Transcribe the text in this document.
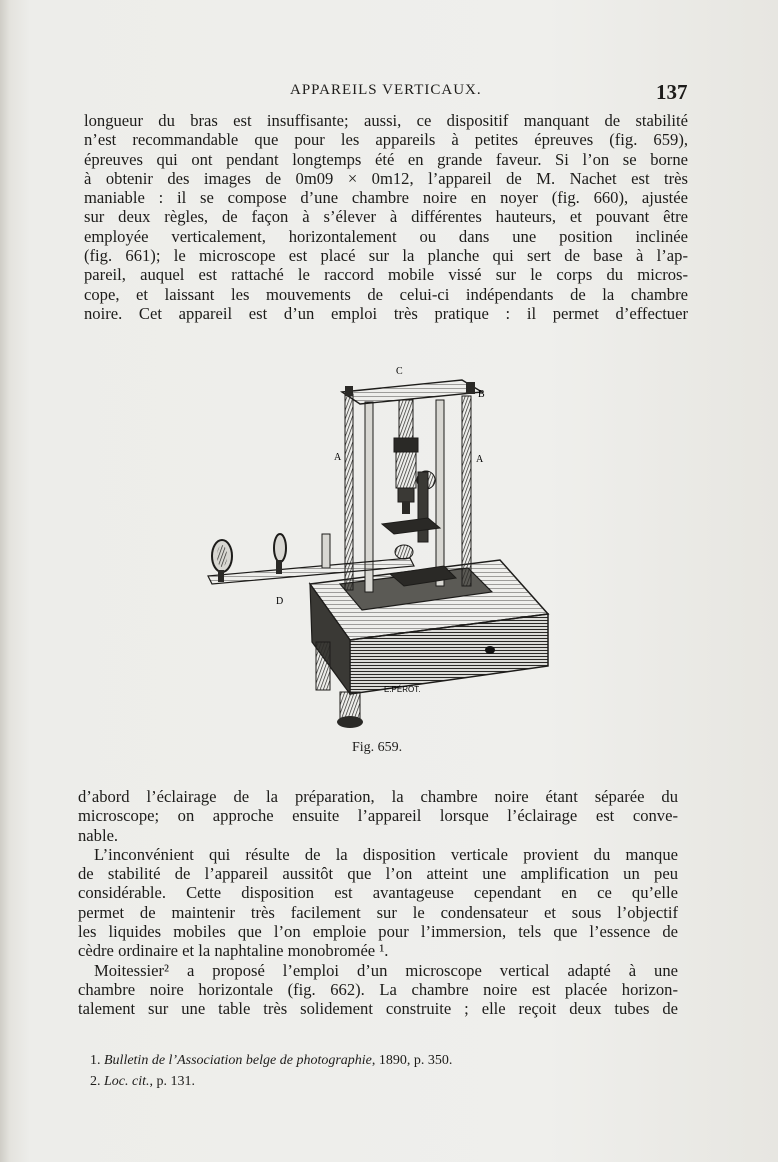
APPAREILS VERTICAUX.	137
longueur du bras est insuffisante; aussi, ce dispositif manquant de stabilité
n’est recommandable que pour les appareils à petites épreuves (fig. 659),
épreuves qui ont pendant longtemps été en grande faveur. Si l’on se borne
à obtenir des images de 0m09 × 0m12, l’appareil de M. Nachet est très
maniable : il se compose d’une chambre noire en noyer (fig. 660), ajustée
sur deux règles, de façon à s’élever à différentes hauteurs, et pouvant être
employée verticalement, horizontalement ou dans une position inclinée
(fig. 661); le microscope est placé sur la planche qui sert de base à l’ap-
pareil, auquel est rattaché le raccord mobile vissé sur le corps du micros-
cope, et laissant les mouvements de celui-ci indépendants de la chambre
noire. Cet appareil est d’un emploi très pratique : il permet d’effectuer
C
B
A	A
D
E.PÉROT.
Fig. 659.
d’abord l’éclairage de la préparation, la chambre noire étant séparée du
microscope; on approche ensuite l’appareil lorsque l’éclairage est conve-
nable.
L’inconvénient qui résulte de la disposition verticale provient du manque
de stabilité de l’appareil aussitôt que l’on atteint une amplification un peu
considérable. Cette disposition est avantageuse cependant en ce qu’elle
permet de maintenir très facilement sur le condensateur et sous l’objectif
les liquides mobiles que l’on emploie pour l’immersion, tels que l’essence de
cèdre ordinaire et la naphtaline monobromée ¹.
Moitessier² a proposé l’emploi d’un microscope vertical adapté à une
chambre noire horizontale (fig. 662). La chambre noire est placée horizon-
talement sur une table très solidement construite ; elle reçoit deux tubes de
1. Bulletin de l’Association belge de photographie, 1890, p. 350.
2. Loc. cit., p. 131.
